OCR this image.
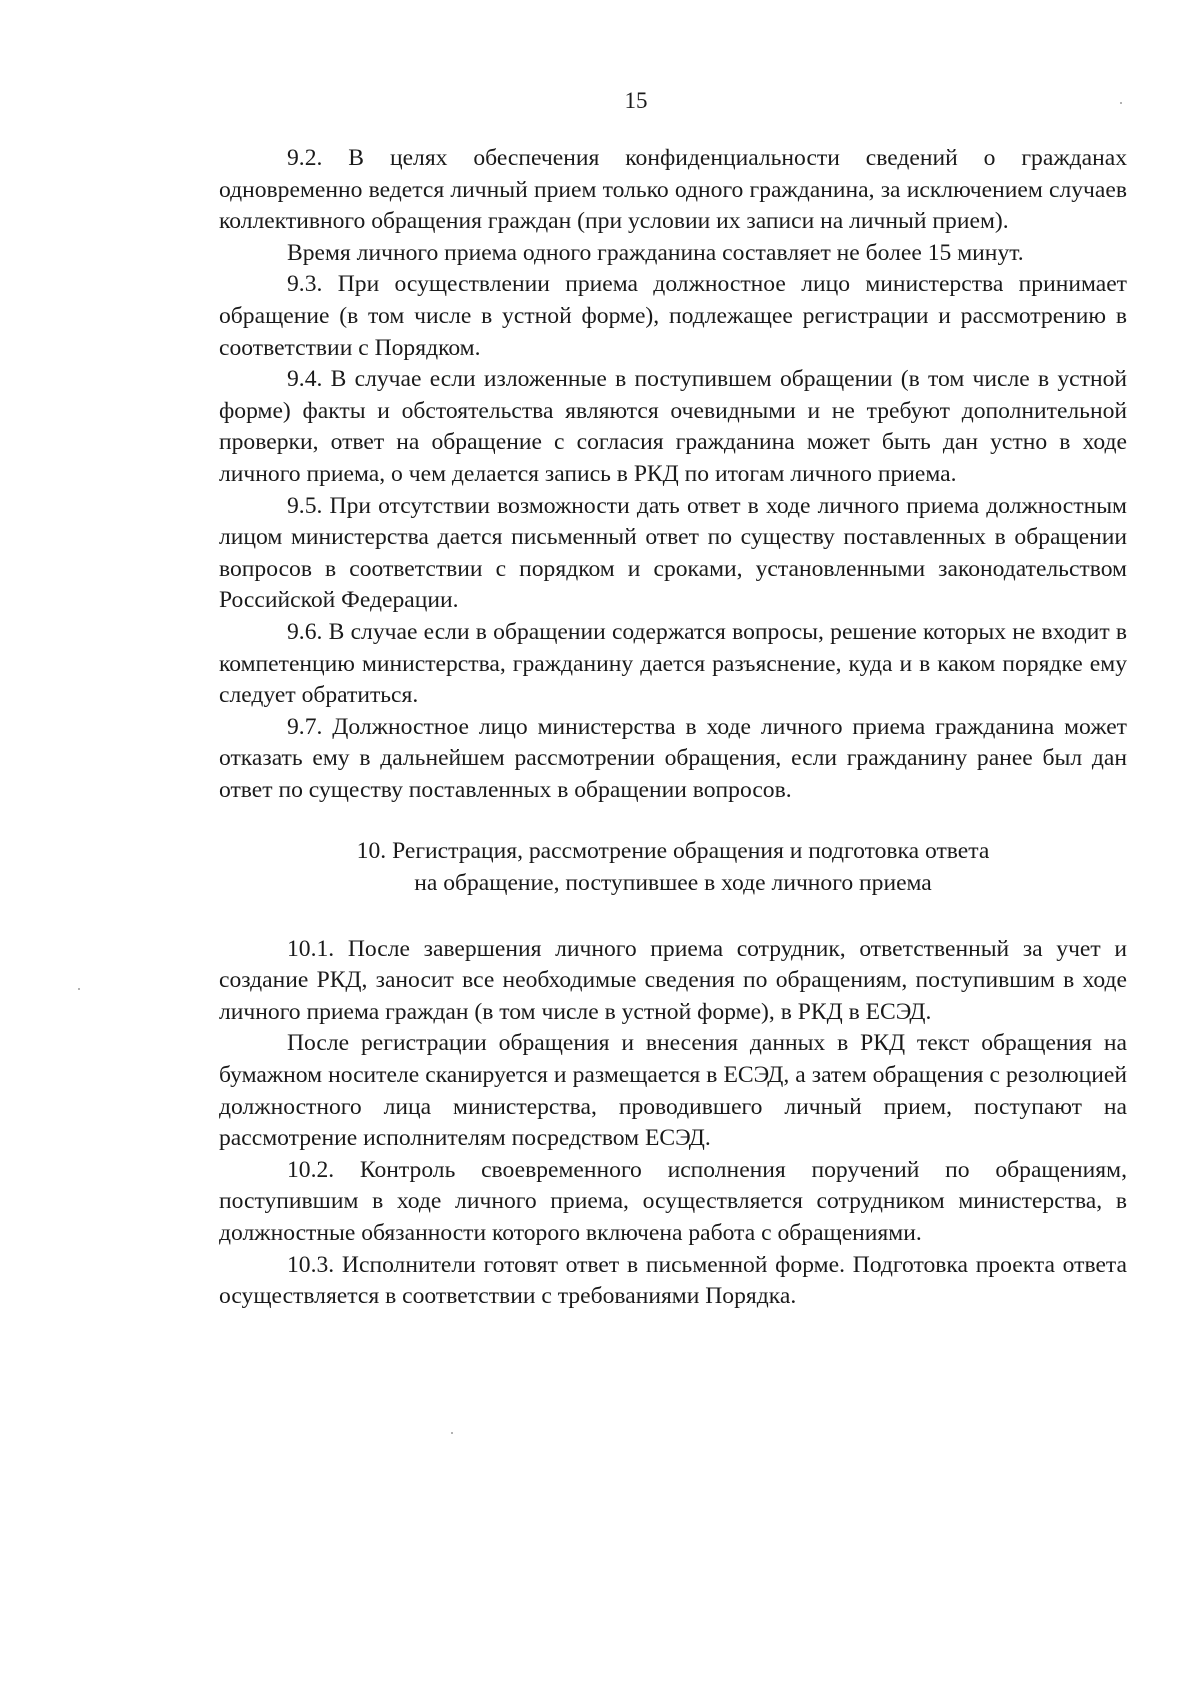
15

9.2. В целях обеспечения конфиденциальности сведений о гражданах одновременно ведется личный прием только одного гражданина, за исключением случаев коллективного обращения граждан (при условии их записи на личный прием).

Время личного приема одного гражданина составляет не более 15 минут.

9.3. При осуществлении приема должностное лицо министерства принимает обращение (в том числе в устной форме), подлежащее регистрации и рассмотрению в соответствии с Порядком.

9.4. В случае если изложенные в поступившем обращении (в том числе в устной форме) факты и обстоятельства являются очевидными и не требуют дополнительной проверки, ответ на обращение с согласия гражданина может быть дан устно в ходе личного приема, о чем делается запись в РКД по итогам личного приема.

9.5. При отсутствии возможности дать ответ в ходе личного приема должностным лицом министерства дается письменный ответ по существу поставленных в обращении вопросов в соответствии с порядком и сроками, установленными законодательством Российской Федерации.

9.6. В случае если в обращении содержатся вопросы, решение которых не входит в компетенцию министерства, гражданину дается разъяснение, куда и в каком порядке ему следует обратиться.

9.7. Должностное лицо министерства в ходе личного приема гражданина может отказать ему в дальнейшем рассмотрении обращения, если гражданину ранее был дан ответ по существу поставленных в обращении вопросов.

10. Регистрация, рассмотрение обращения и подготовка ответа
на обращение, поступившее в ходе личного приема

10.1. После завершения личного приема сотрудник, ответственный за учет и создание РКД, заносит все необходимые сведения по обращениям, поступившим в ходе личного приема граждан (в том числе в устной форме), в РКД в ЕСЭД.

После регистрации обращения и внесения данных в РКД текст обращения на бумажном носителе сканируется и размещается в ЕСЭД, а затем обращения с резолюцией должностного лица министерства, проводившего личный прием, поступают на рассмотрение исполнителям посредством ЕСЭД.

10.2. Контроль своевременного исполнения поручений по обращениям, поступившим в ходе личного приема, осуществляется сотрудником министерства, в должностные обязанности которого включена работа с обращениями.

10.3. Исполнители готовят ответ в письменной форме. Подготовка проекта ответа осуществляется в соответствии с требованиями Порядка.
